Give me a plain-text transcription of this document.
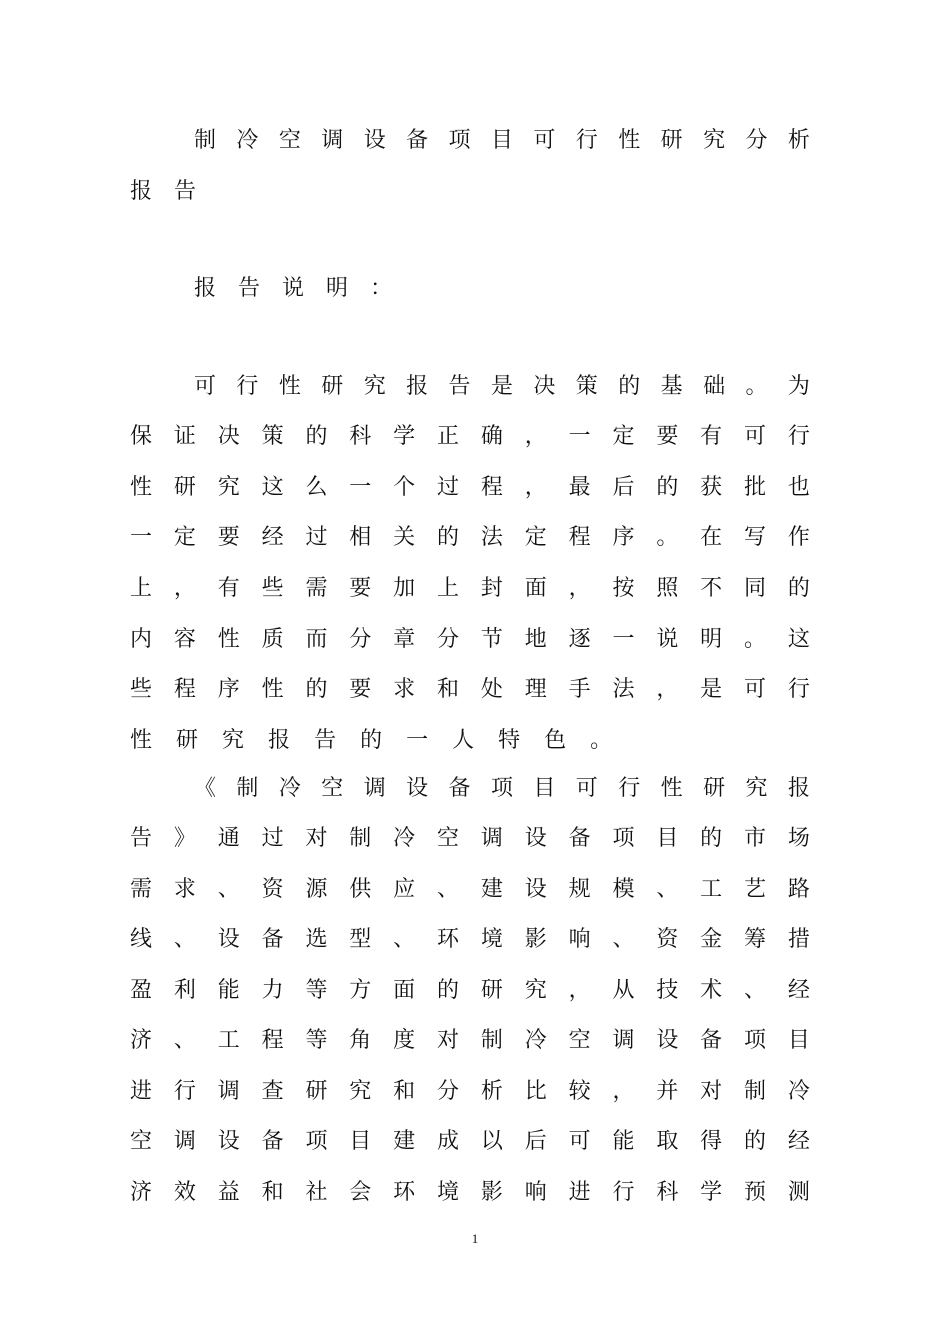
制 冷 空 调 设 备 项 目 可 行 性 研 究 分 析
报 告
报 告 说 明 ：
可 行 性 研 究 报 告 是 决 策 的 基 础 。 为
保 证 决 策 的 科 学 正 确 ， 一 定 要 有 可 行
性 研 究 这 么 一 个 过 程 ， 最 后 的 获 批 也
一 定 要 经 过 相 关 的 法 定 程 序 。 在 写 作
上 ， 有 些 需 要 加 上 封 面 ， 按 照 不 同 的
内 容 性 质 而 分 章 分 节 地 逐 一 说 明 。 这
些 程 序 性 的 要 求 和 处 理 手 法 ， 是 可 行
性 研 究 报 告 的 一 人 特 色 。
《 制 冷 空 调 设 备 项 目 可 行 性 研 究 报
告 》 通 过 对 制 冷 空 调 设 备 项 目 的 市 场
需 求 、 资 源 供 应 、 建 设 规 模 、 工 艺 路
线 、 设 备 选 型 、 环 境 影 响 、 资 金 筹 措
盈 利 能 力 等 方 面 的 研 究 ， 从 技 术 、 经
济 、 工 程 等 角 度 对 制 冷 空 调 设 备 项 目
进 行 调 查 研 究 和 分 析 比 较 ， 并 对 制 冷
空 调 设 备 项 目 建 成 以 后 可 能 取 得 的 经
济 效 益 和 社 会 环 境 影 响 进 行 科 学 预 测
1
